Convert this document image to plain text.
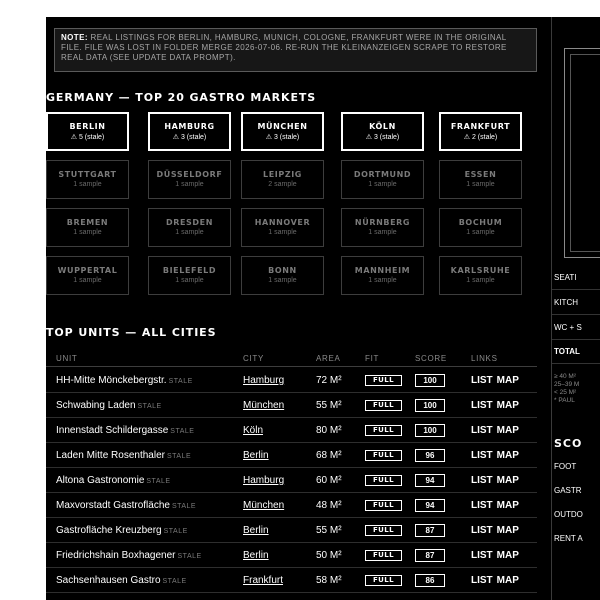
NOTE: REAL LISTINGS FOR BERLIN, HAMBURG, MUNICH, COLOGNE, FRANKFURT WERE IN THE ORIGINAL FILE. FILE WAS LOST IN FOLDER MERGE 2026-07-06. RE-RUN THE KLEINANZEIGEN SCRAPE TO RESTORE REAL DATA (SEE UPDATE DATA PROMPT).
GERMANY — TOP 20 GASTRO MARKETS
BERLIN
⚠ 5 (stale)
HAMBURG
⚠ 3 (stale)
MÜNCHEN
⚠ 3 (stale)
KÖLN
⚠ 3 (stale)
FRANKFURT
⚠ 2 (stale)
STUTTGART
1 sample
DÜSSELDORF
1 sample
LEIPZIG
2 sample
DORTMUND
1 sample
ESSEN
1 sample
BREMEN
1 sample
DRESDEN
1 sample
HANNOVER
1 sample
NÜRNBERG
1 sample
BOCHUM
1 sample
WUPPERTAL
1 sample
BIELEFELD
1 sample
BONN
1 sample
MANNHEIM
1 sample
KARLSRUHE
1 sample
TOP UNITS — ALL CITIES
UNIT	CITY	AREA	FIT	SCORE	LINKS
HH-Mitte Mönckebergstr. STALE	Hamburg	72 M²	FULL	100	LIST MAP
Schwabing Laden STALE	München	55 M²	FULL	100	LIST MAP
Innenstadt Schildergasse STALE	Köln	80 M²	FULL	100	LIST MAP
Laden Mitte Rosenthaler STALE	Berlin	68 M²	FULL	96	LIST MAP
Altona Gastronomie STALE	Hamburg	60 M²	FULL	94	LIST MAP
Maxvorstadt Gastrofläche STALE	München	48 M²	FULL	94	LIST MAP
Gastrofläche Kreuzberg STALE	Berlin	55 M²	FULL	87	LIST MAP
Friedrichshain Boxhagener STALE	Berlin	50 M²	FULL	87	LIST MAP
Sachsenhausen Gastro STALE	Frankfurt	58 M²	FULL	86	LIST MAP
SEATI
KITCH
WC + S
TOTAL
≥ 40 M²
25–39 M
< 25 M²
* PAUL
SCO
FOOT
GASTR
OUTDO
RENT A
